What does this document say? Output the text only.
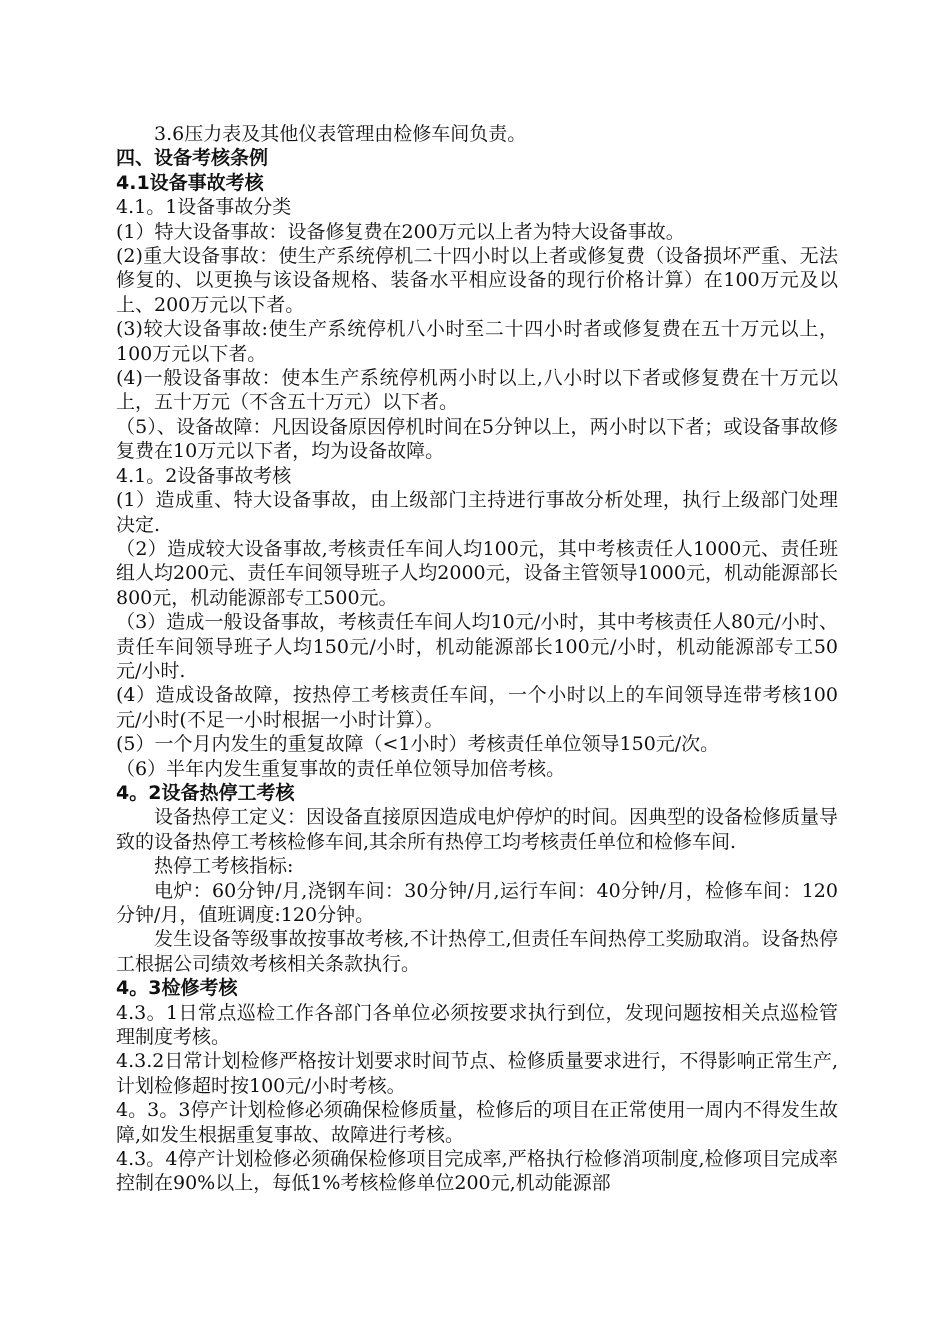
3.6压力表及其他仪表管理由检修车间负责。

四、设备考核条例

4.1设备事故考核

4.1。1设备事故分类

(1）特大设备事故：设备修复费在200万元以上者为特大设备事故。

(2)重大设备事故：使生产系统停机二十四小时以上者或修复费（设备损坏严重、无法修复的、以更换与该设备规格、装备水平相应设备的现行价格计算）在100万元及以上、200万元以下者。

(3)较大设备事故:使生产系统停机八小时至二十四小时者或修复费在五十万元以上，100万元以下者。

(4)一般设备事故：使本生产系统停机两小时以上,八小时以下者或修复费在十万元以上，五十万元（不含五十万元）以下者。

（5）、设备故障：凡因设备原因停机时间在5分钟以上，两小时以下者；或设备事故修复费在10万元以下者，均为设备故障。

4.1。2设备事故考核

(1）造成重、特大设备事故，由上级部门主持进行事故分析处理，执行上级部门处理决定.

（2）造成较大设备事故,考核责任车间人均100元，其中考核责任人1000元、责任班组人均200元、责任车间领导班子人均2000元，设备主管领导1000元，机动能源部长800元，机动能源部专工500元。

（3）造成一般设备事故，考核责任车间人均10元/小时，其中考核责任人80元/小时、责任车间领导班子人均150元/小时，机动能源部长100元/小时，机动能源部专工50元/小时.

(4）造成设备故障，按热停工考核责任车间，一个小时以上的车间领导连带考核100元/小时(不足一小时根据一小时计算）。

(5）一个月内发生的重复故障（<1小时）考核责任单位领导150元/次。

（6）半年内发生重复事故的责任单位领导加倍考核。

4。2设备热停工考核

设备热停工定义：因设备直接原因造成电炉停炉的时间。因典型的设备检修质量导致的设备热停工考核检修车间,其余所有热停工均考核责任单位和检修车间.

热停工考核指标:

电炉：60分钟/月,浇钢车间：30分钟/月,运行车间：40分钟/月，检修车间：120分钟/月，值班调度:120分钟。

发生设备等级事故按事故考核,不计热停工,但责任车间热停工奖励取消。设备热停工根据公司绩效考核相关条款执行。

4。3检修考核

4.3。1日常点巡检工作各部门各单位必须按要求执行到位，发现问题按相关点巡检管理制度考核。

4.3.2日常计划检修严格按计划要求时间节点、检修质量要求进行，不得影响正常生产,计划检修超时按100元/小时考核。

4。3。3停产计划检修必须确保检修质量，检修后的项目在正常使用一周内不得发生故障,如发生根据重复事故、故障进行考核。

4.3。4停产计划检修必须确保检修项目完成率,严格执行检修消项制度,检修项目完成率控制在90%以上，每低1%考核检修单位200元,机动能源部
